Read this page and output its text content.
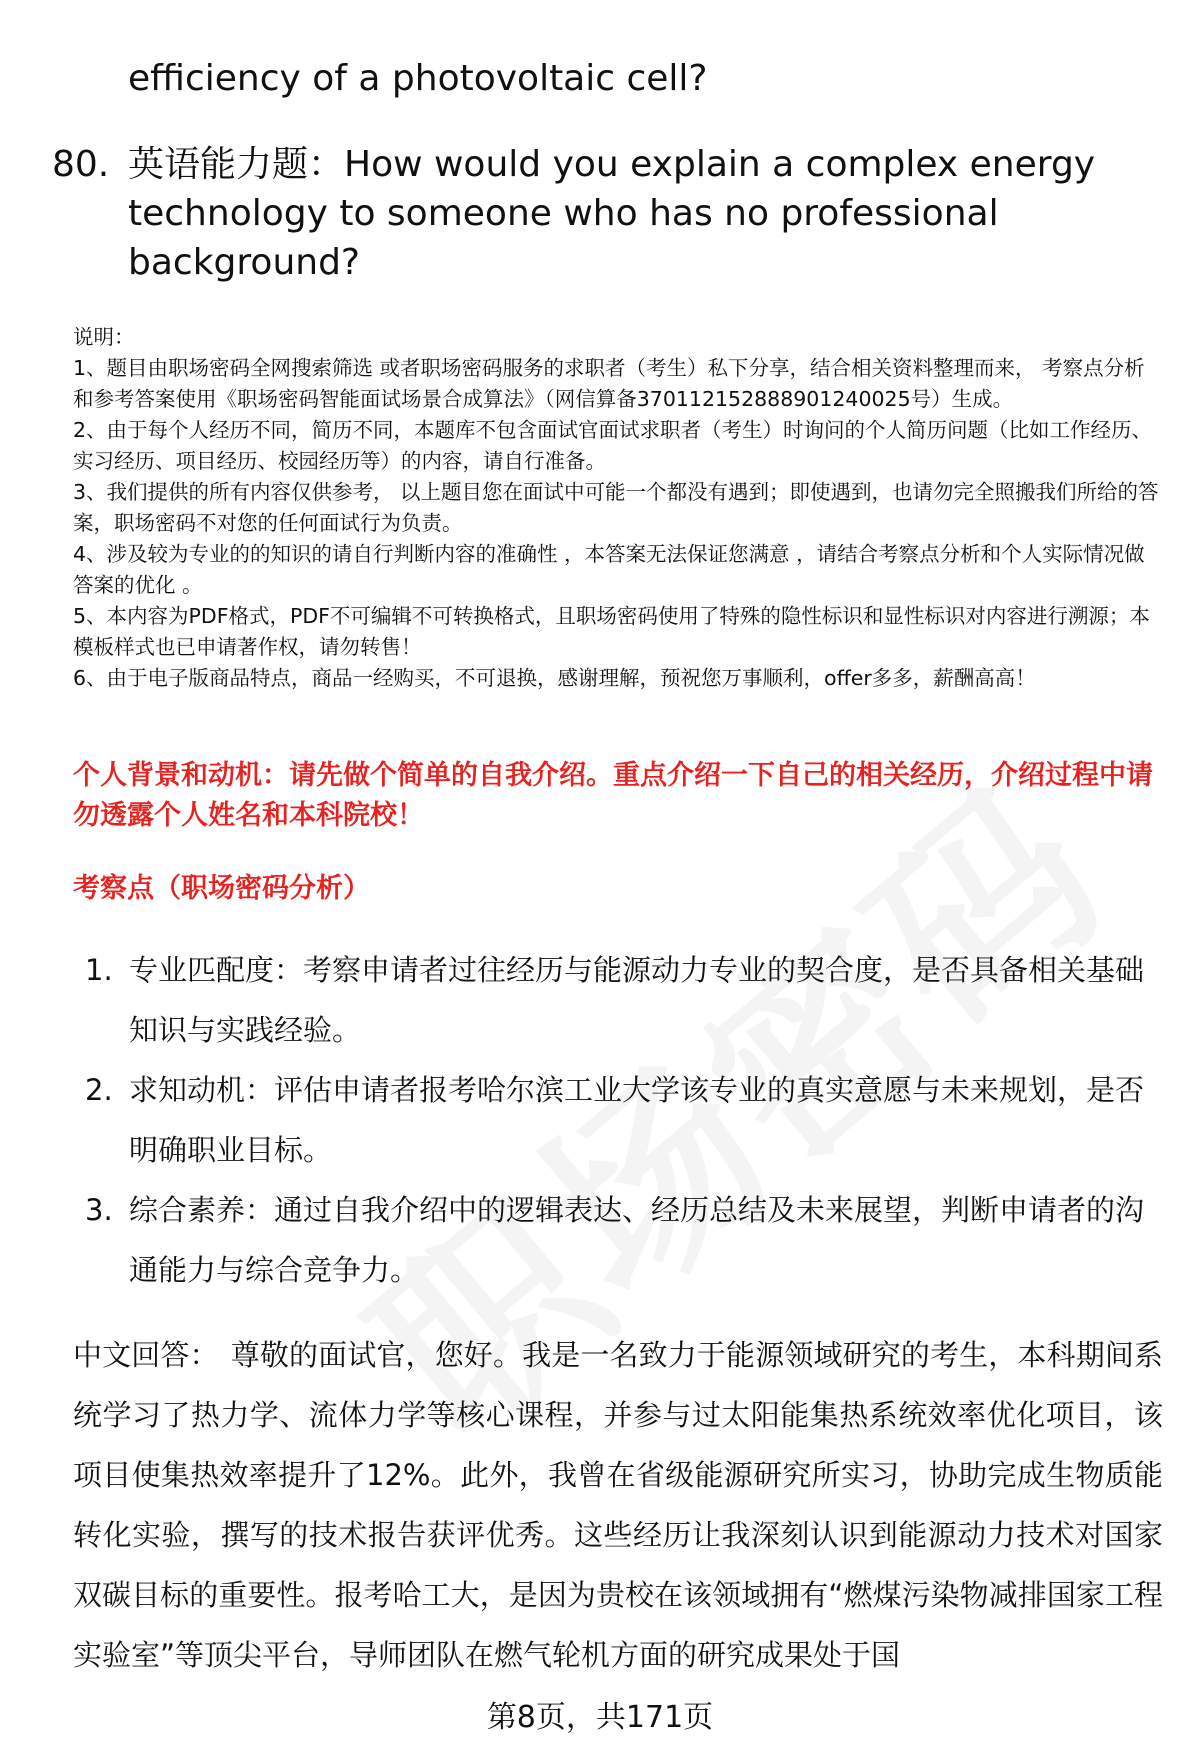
efficiency of a photovoltaic cell?
80. 英语能力题：How would you explain a complex energy technology to someone who has no professional background?

说明：

1、题目由职场密码全网搜索筛选 或者职场密码服务的求职者（考生）私下分享，结合相关资料整理而来， 考察点分析和参考答案使用《职场密码智能面试场景合成算法》（网信算备370112152888901240025号）生成。

2、由于每个人经历不同，简历不同，本题库不包含面试官面试求职者（考生）时询问的个人简历问题（比如工作经历、实习经历、项目经历、校园经历等）的内容，请自行准备。

3、我们提供的所有内容仅供参考， 以上题目您在面试中可能一个都没有遇到；即使遇到，也请勿完全照搬我们所给的答案，职场密码不对您的任何面试行为负责。

4、涉及较为专业的的知识的请自行判断内容的准确性 ，本答案无法保证您满意 ，请结合考察点分析和个人实际情况做答案的优化 。

5、本内容为PDF格式，PDF不可编辑不可转换格式，且职场密码使用了特殊的隐性标识和显性标识对内容进行溯源；本模板样式也已申请著作权，请勿转售！

6、由于电子版商品特点，商品一经购买，不可退换，感谢理解，预祝您万事顺利，offer多多，薪酬高高！

个人背景和动机：请先做个简单的自我介绍。重点介绍一下自己的相关经历，介绍过程中请勿透露个人姓名和本科院校！
考察点（职场密码分析）
1. 专业匹配度：考察申请者过往经历与能源动力专业的契合度，是否具备相关基础知识与实践经验。
2. 求知动机：评估申请者报考哈尔滨工业大学该专业的真实意愿与未来规划，是否明确职业目标。
3. 综合素养：通过自我介绍中的逻辑表达、经历总结及未来展望，判断申请者的沟通能力与综合竞争力。
中文回答： 尊敬的面试官，您好。我是一名致力于能源领域研究的考生，本科期间系统学习了热力学、流体力学等核心课程，并参与过太阳能集热系统效率优化项目，该项目使集热效率提升了12%。此外，我曾在省级能源研究所实习，协助完成生物质能转化实验，撰写的技术报告获评优秀。这些经历让我深刻认识到能源动力技术对国家双碳目标的重要性。报考哈工大，是因为贵校在该领域拥有“燃煤污染物减排国家工程实验室”等顶尖平台，导师团队在燃气轮机方面的研究成果处于国
第8页，共171页
